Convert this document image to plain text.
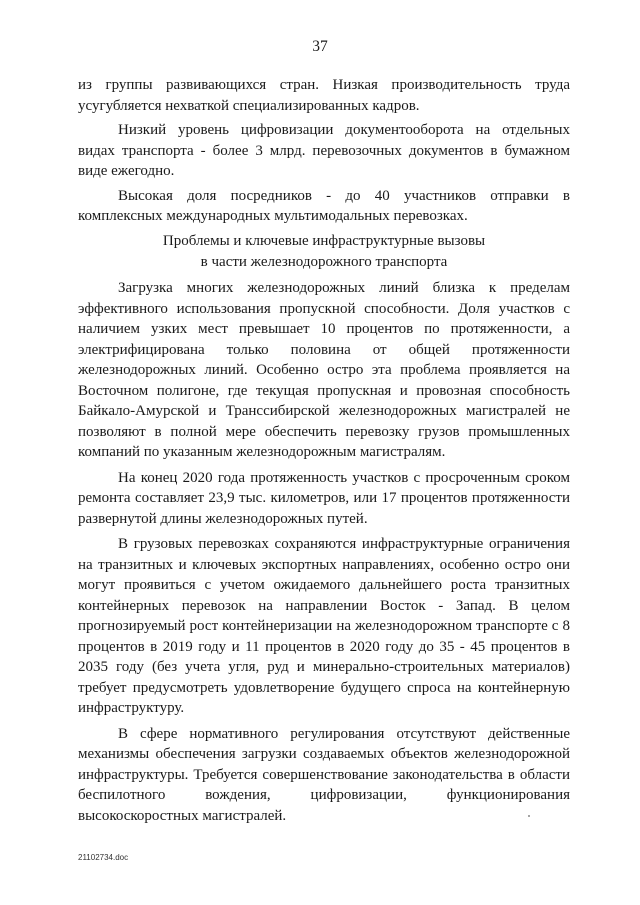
37

из группы развивающихся стран. Низкая производительность труда усугубляется нехваткой специализированных кадров.

Низкий уровень цифровизации документооборота на отдельных видах транспорта - более 3 млрд. перевозочных документов в бумажном виде ежегодно.

Высокая доля посредников - до 40 участников отправки в комплексных международных мультимодальных перевозках.

Проблемы и ключевые инфраструктурные вызовы
в части железнодорожного транспорта

Загрузка многих железнодорожных линий близка к пределам эффективного использования пропускной способности. Доля участков с наличием узких мест превышает 10 процентов по протяженности, а электрифицирована только половина от общей протяженности железнодорожных линий. Особенно остро эта проблема проявляется на Восточном полигоне, где текущая пропускная и провозная способность Байкало-Амурской и Транссибирской железнодорожных магистралей не позволяют в полной мере обеспечить перевозку грузов промышленных компаний по указанным железнодорожным магистралям.

На конец 2020 года протяженность участков с просроченным сроком ремонта составляет 23,9 тыс. километров, или 17 процентов протяженности развернутой длины железнодорожных путей.

В грузовых перевозках сохраняются инфраструктурные ограничения на транзитных и ключевых экспортных направлениях, особенно остро они могут проявиться с учетом ожидаемого дальнейшего роста транзитных контейнерных перевозок на направлении Восток - Запад. В целом прогнозируемый рост контейнеризации на железнодорожном транспорте с 8 процентов в 2019 году и 11 процентов в 2020 году до 35 - 45 процентов в 2035 году (без учета угля, руд и минерально-строительных материалов) требует предусмотреть удовлетворение будущего спроса на контейнерную инфраструктуру.

В сфере нормативного регулирования отсутствуют действенные механизмы обеспечения загрузки создаваемых объектов железнодорожной инфраструктуры. Требуется совершенствование законодательства в области беспилотного вождения, цифровизации, функционирования высокоскоростных магистралей.

21102734.doc
